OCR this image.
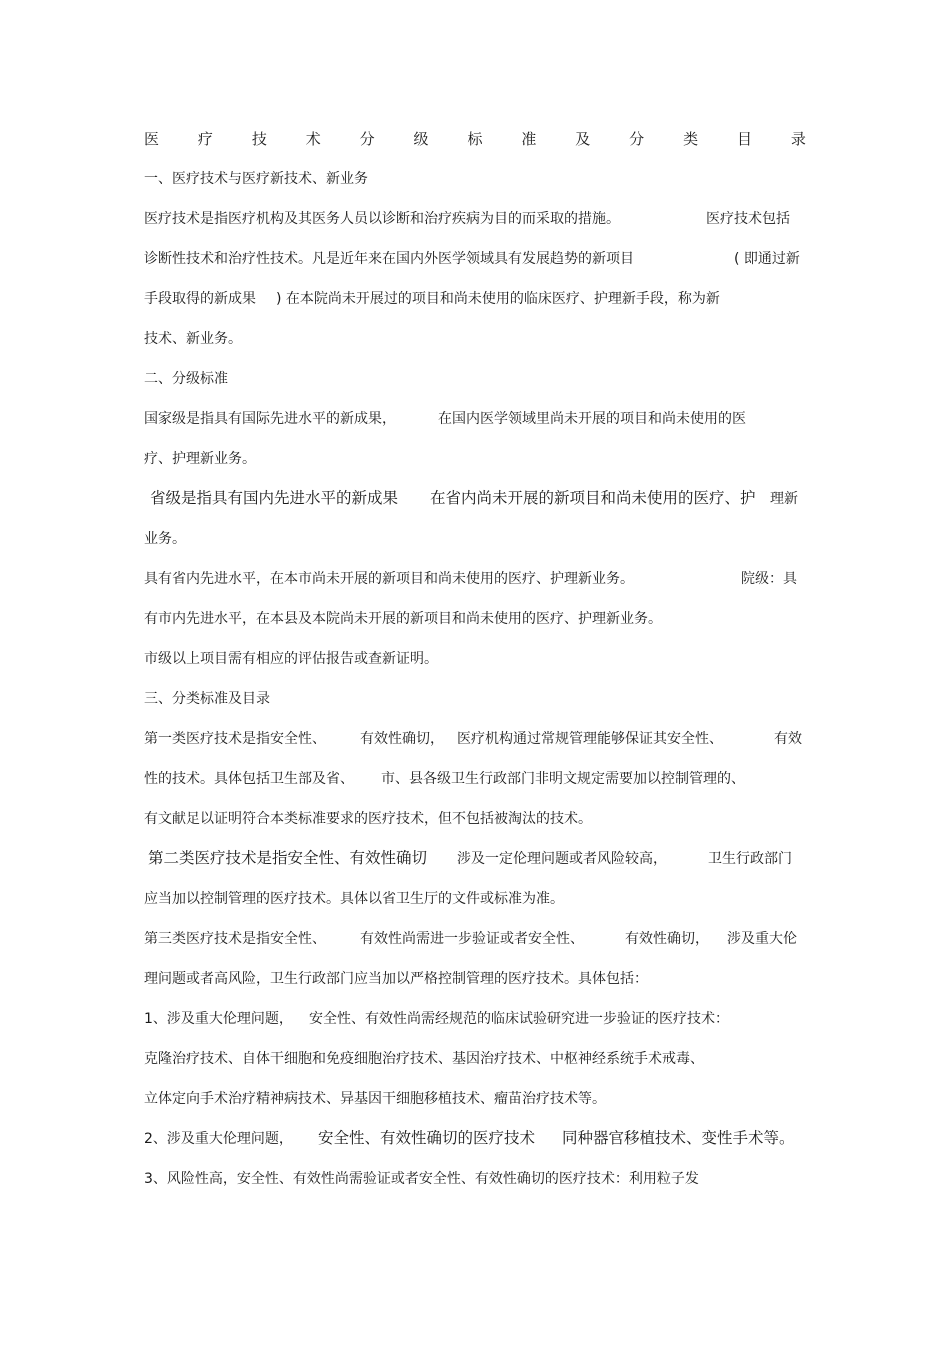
医	疗	技	术	分	级	标	准	及	分	类	目	录
一、医疗技术与医疗新技术、新业务
医疗技术是指医疗机构及其医务人员以诊断和治疗疾病为目的而采取的措施。	医疗技术包括
诊断性技术和治疗性技术。凡是近年来在国内外医学领域具有发展趋势的新项目	( 即通过新
手段取得的新成果 ) 在本院尚未开展过的项目和尚未使用的临床医疗、护理新手段，称为新
技术、新业务。
二、分级标准
国家级是指具有国际先进水平的新成果，	在国内医学领域里尚未开展的项目和尚未使用的医
疗、护理新业务。
省级是指具有国内先进水平的新成果 在省内尚未开展的新项目和尚未使用的医疗、护 理新
业务。
具有省内先进水平，在本市尚未开展的新项目和尚未使用的医疗、护理新业务。	院级：具
有市内先进水平，在本县及本院尚未开展的新项目和尚未使用的医疗、护理新业务。
市级以上项目需有相应的评估报告或查新证明。
三、分类标准及目录
第一类医疗技术是指安全性、 有效性确切， 医疗机构通过常规管理能够保证其安全性、	有效
性的技术。具体包括卫生部及省、 市、县各级卫生行政部门非明文规定需要加以控制管理的、
有文献足以证明符合本类标准要求的医疗技术，但不包括被淘汰的技术。
第二类医疗技术是指安全性、有效性确切 涉及一定伦理问题或者风险较高，	卫生行政部门
应当加以控制管理的医疗技术。具体以省卫生厅的文件或标准为准。
第三类医疗技术是指安全性、 有效性尚需进一步验证或者安全性、	有效性确切， 涉及重大伦
理问题或者高风险，卫生行政部门应当加以严格控制管理的医疗技术。具体包括：
1、涉及重大伦理问题， 安全性、有效性尚需经规范的临床试验研究进一步验证的医疗技术：
克隆治疗技术、自体干细胞和免疫细胞治疗技术、基因治疗技术、中枢神经系统手术戒毒、
立体定向手术治疗精神病技术、异基因干细胞移植技术、瘤苗治疗技术等。
2、涉及重大伦理问题， 安全性、有效性确切的医疗技术 同种器官移植技术、变性手术等。
3、风险性高，安全性、有效性尚需验证或者安全性、有效性确切的医疗技术：利用粒子发
